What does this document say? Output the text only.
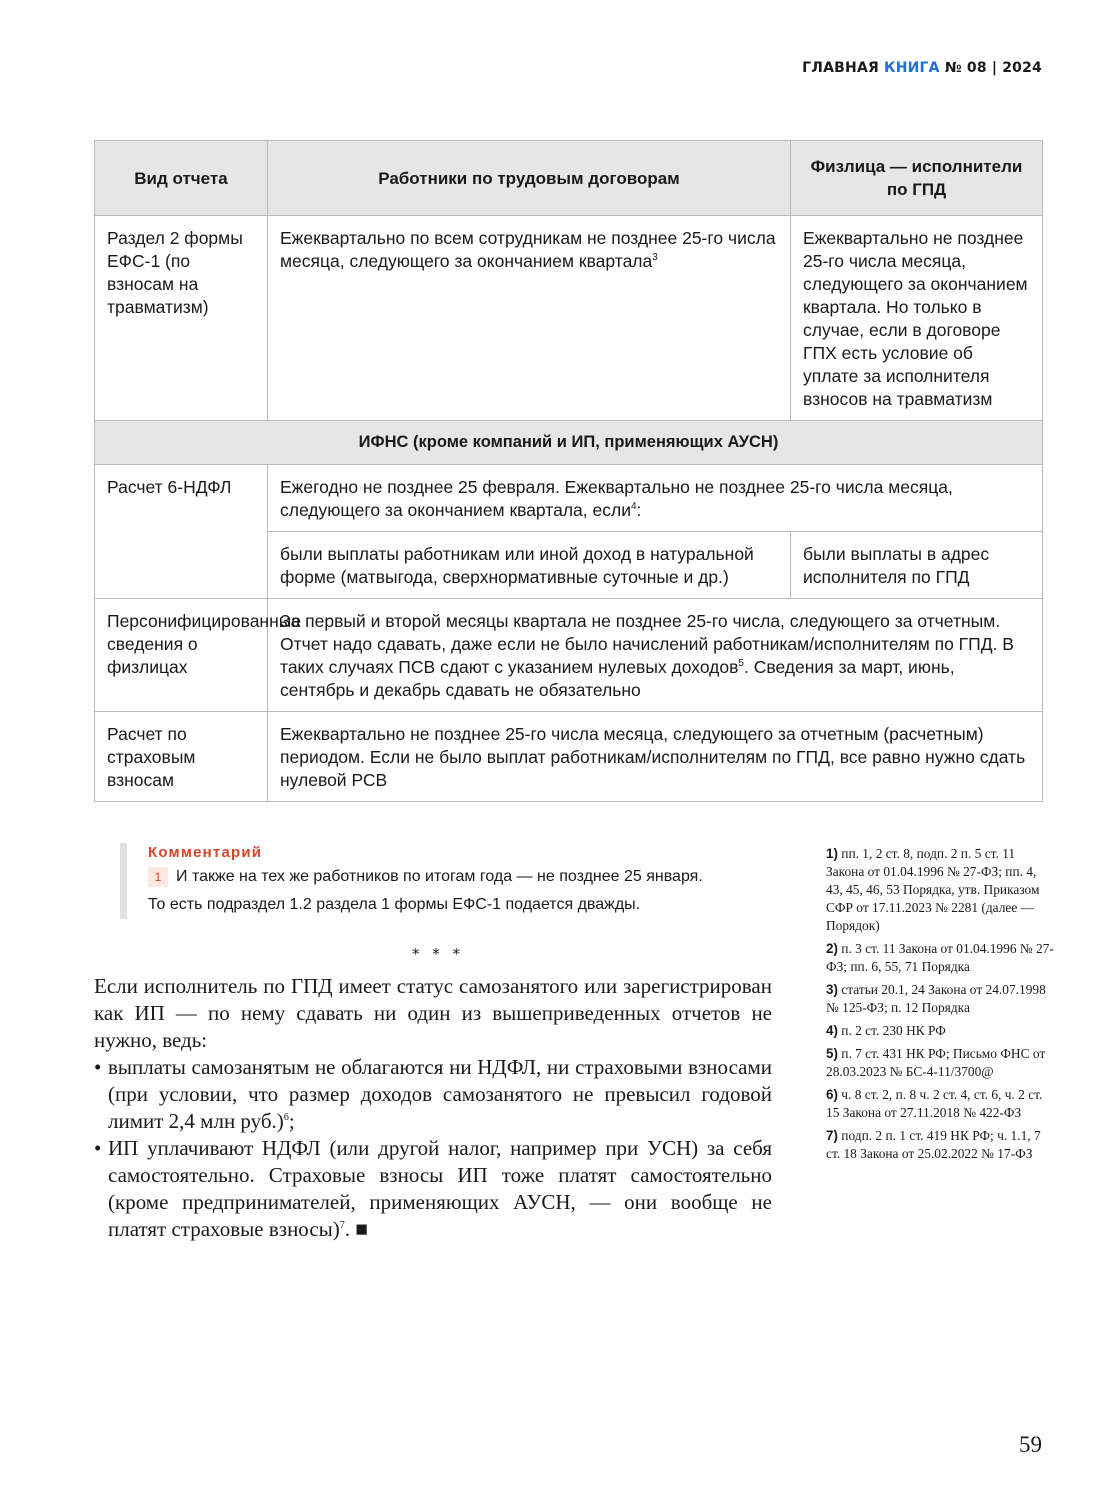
ГЛАВНАЯ КНИГА № 08 | 2024
Вид отчета	Работники по трудовым договорам	Физлица — исполнители по ГПД
Раздел 2 формы ЕФС-1 (по взносам на травматизм)	Ежеквартально по всем сотрудникам не позднее 25-го числа месяца, следующего за окончанием квартала$^3$	Ежеквартально не позднее 25-го числа месяца, следующего за окончанием квартала. Но только в случае, если в договоре ГПХ есть условие об уплате за исполнителя взносов на травматизм
ИФНС (кроме компаний и ИП, применяющих АУСН)		
Расчет 6-НДФЛ	Ежегодно не позднее 25 февраля. Ежеквартально не позднее 25-го числа месяца, следующего за окончанием квартала, если$^4$:	
	были выплаты работникам или иной доход в натуральной форме (матвыгода, сверхнормативные суточные и др.)	были выплаты в адрес исполнителя по ГПД
Персонифицированные сведения о физлицах	За первый и второй месяцы квартала не позднее 25-го числа, следующего за отчетным. Отчет надо сдавать, даже если не было начислений работникам/исполнителям по ГПД. В таких случаях ПСВ сдают с указанием нулевых доходов$^5$. Сведения за март, июнь, сентябрь и декабрь сдавать не обязательно	
Расчет по страховым взносам	Ежеквартально не позднее 25-го числа месяца, следующего за отчетным (расчетным) периодом. Если не было выплат работникам/исполнителям по ГПД, все равно нужно сдать нулевой РСВ	
Комментарий
1 И также на тех же работников по итогам года — не позднее 25 января.
То есть подраздел 1.2 раздела 1 формы ЕФС-1 подается дважды.
* * *

Если исполнитель по ГПД имеет статус самозанятого или зарегистрирован как ИП — по нему сдавать ни один из вышеприведенных отчетов не нужно, ведь:

• выплаты самозанятым не облагаются ни НДФЛ, ни страховыми взносами (при условии, что размер доходов самозанятого не превысил годовой лимит 2,4 млн руб.)$^6$;
• ИП уплачивают НДФЛ (или другой налог, например при УСН) за себя самостоятельно. Страховые взносы ИП тоже платят самостоятельно (кроме предпринимателей, применяющих АУСН, — они вообще не платят страховые взносы)$^7$. ■
1) пп. 1, 2 ст. 8, подп. 2 п. 5 ст. 11 Закона от 01.04.1996 № 27-ФЗ; пп. 4, 43, 45, 46, 53 Порядка, утв. Приказом СФР от 17.11.2023 № 2281 (далее — Порядок)
2) п. 3 ст. 11 Закона от 01.04.1996 № 27-ФЗ; пп. 6, 55, 71 Порядка
3) статьи 20.1, 24 Закона от 24.07.1998 № 125-ФЗ; п. 12 Порядка
4) п. 2 ст. 230 НК РФ
5) п. 7 ст. 431 НК РФ; Письмо ФНС от 28.03.2023 № БС-4-11/3700@
6) ч. 8 ст. 2, п. 8 ч. 2 ст. 4, ст. 6, ч. 2 ст. 15 Закона от 27.11.2018 № 422-ФЗ
7) подп. 2 п. 1 ст. 419 НК РФ; ч. 1.1, 7 ст. 18 Закона от 25.02.2022 № 17-ФЗ
59
